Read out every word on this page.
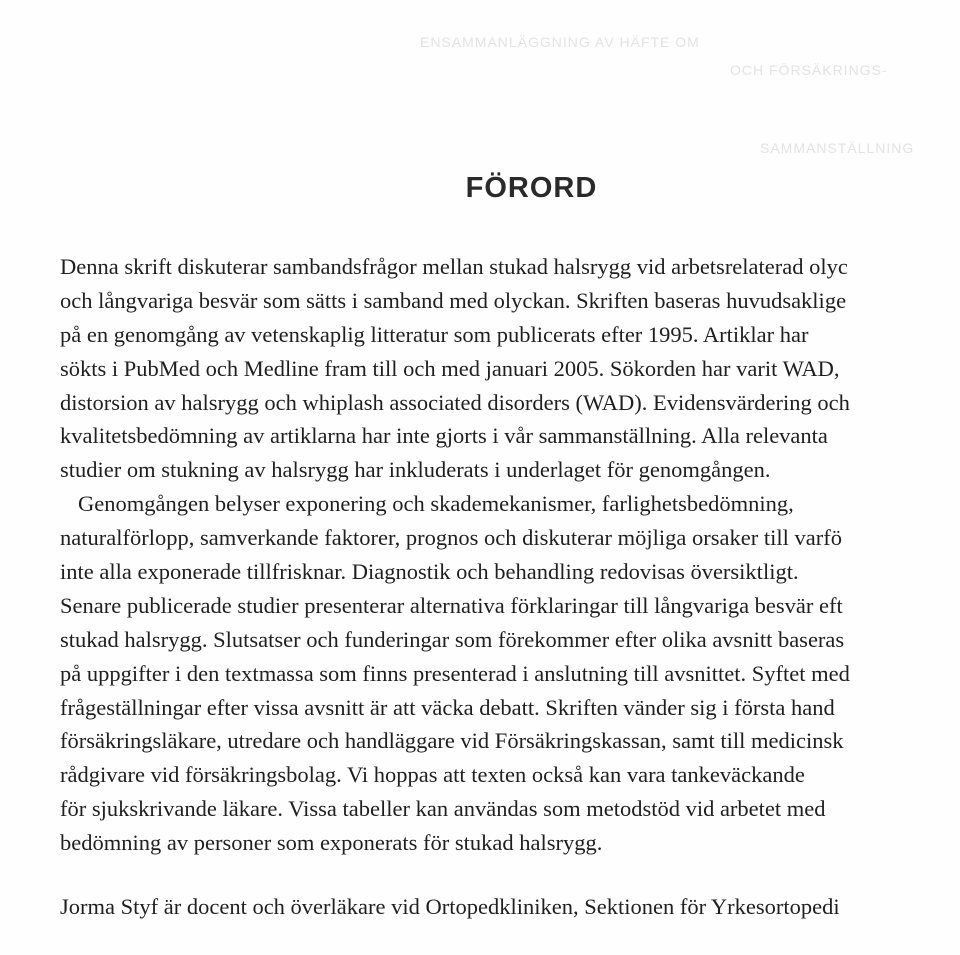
ENSAMMANLÄGGNING AV HÄFTE OM
OCH FÖRSÄKRINGS-
SAMMANSTÄLLNING
FÖRORD

Denna skrift diskuterar sambandsfrågor mellan stukad halsrygg vid arbetsrelaterad olyc

och långvariga besvär som sätts i samband med olyckan. Skriften baseras huvudsaklige

på en genomgång av vetenskaplig litteratur som publicerats efter 1995. Artiklar har

sökts i PubMed och Medline fram till och med januari 2005. Sökorden har varit WAD,

distorsion av halsrygg och whiplash associated disorders (WAD). Evidensvärdering och

kvalitetsbedömning av artiklarna har inte gjorts i vår sammanställning. Alla relevanta

studier om stukning av halsrygg har inkluderats i underlaget för genomgången.

Genomgången belyser exponering och skademekanismer, farlighetsbedömning,

naturalförlopp, samverkande faktorer, prognos och diskuterar möjliga orsaker till varfö

inte alla exponerade tillfrisknar. Diagnostik och behandling redovisas översiktligt.

Senare publicerade studier presenterar alternativa förklaringar till långvariga besvär eft

stukad halsrygg. Slutsatser och funderingar som förekommer efter olika avsnitt baseras

på uppgifter i den textmassa som finns presenterad i anslutning till avsnittet. Syftet med

frågeställningar efter vissa avsnitt är att väcka debatt. Skriften vänder sig i första hand

försäkringsläkare, utredare och handläggare vid Försäkringskassan, samt till medicinsk

rådgivare vid försäkringsbolag. Vi hoppas att texten också kan vara tankeväckande

för sjukskrivande läkare. Vissa tabeller kan användas som metodstöd vid arbetet med

bedömning av personer som exponerats för stukad halsrygg.

Jorma Styf är docent och överläkare vid Ortopedkliniken, Sektionen för Yrkesortopedi
